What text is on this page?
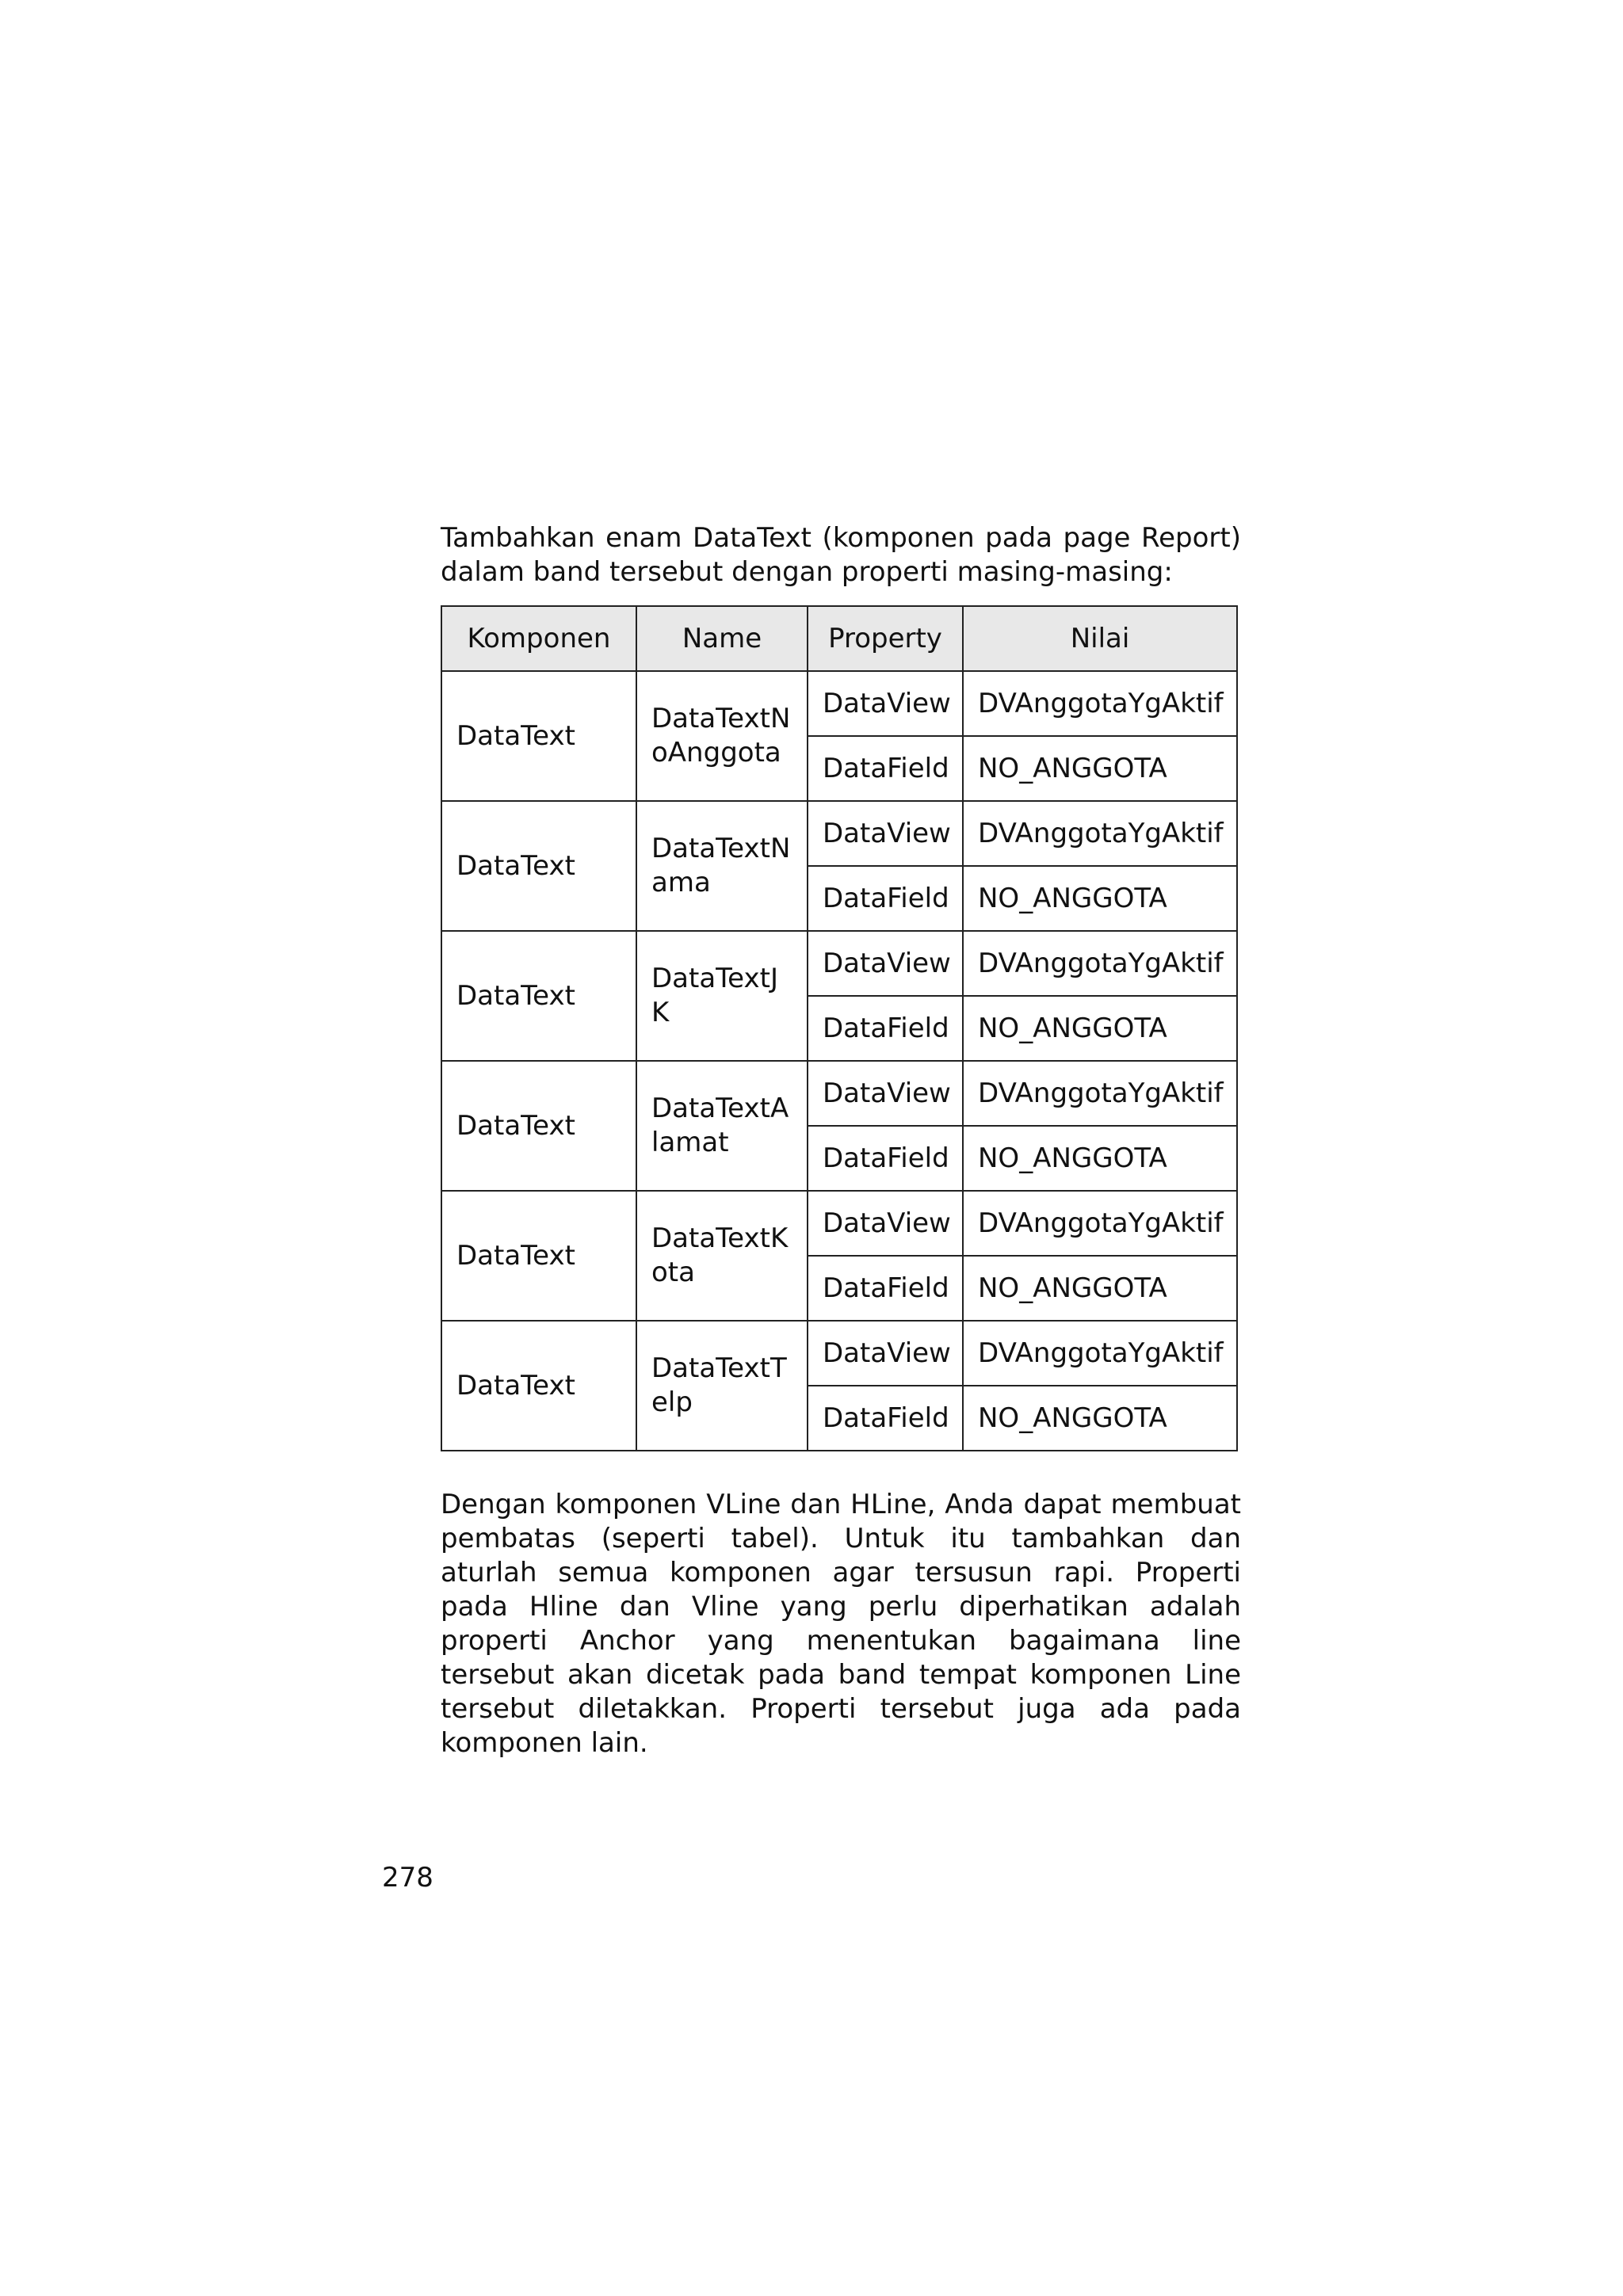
Tambahkan enam DataText (komponen pada page Report) dalam band tersebut dengan properti masing-masing:

Komponen	Name	Property	Nilai
DataText	DataTextNoAnggota	DataView	DVAnggotaYgAktif
		DataField	NO_ANGGOTA
DataText	DataTextNama	DataView	DVAnggotaYgAktif
		DataField	NO_ANGGOTA
DataText	DataTextJK	DataView	DVAnggotaYgAktif
		DataField	NO_ANGGOTA
DataText	DataTextAlamat	DataView	DVAnggotaYgAktif
		DataField	NO_ANGGOTA
DataText	DataTextKota	DataView	DVAnggotaYgAktif
		DataField	NO_ANGGOTA
DataText	DataTextTelp	DataView	DVAnggotaYgAktif
		DataField	NO_ANGGOTA

Dengan komponen VLine dan HLine, Anda dapat membuat pembatas (seperti tabel). Untuk itu tambahkan dan aturlah semua komponen agar tersusun rapi. Properti pada Hline dan Vline yang perlu diperhatikan adalah properti Anchor yang menentukan bagaimana line tersebut akan dicetak pada band tempat komponen Line tersebut diletakkan. Properti tersebut juga ada pada komponen lain.

278
